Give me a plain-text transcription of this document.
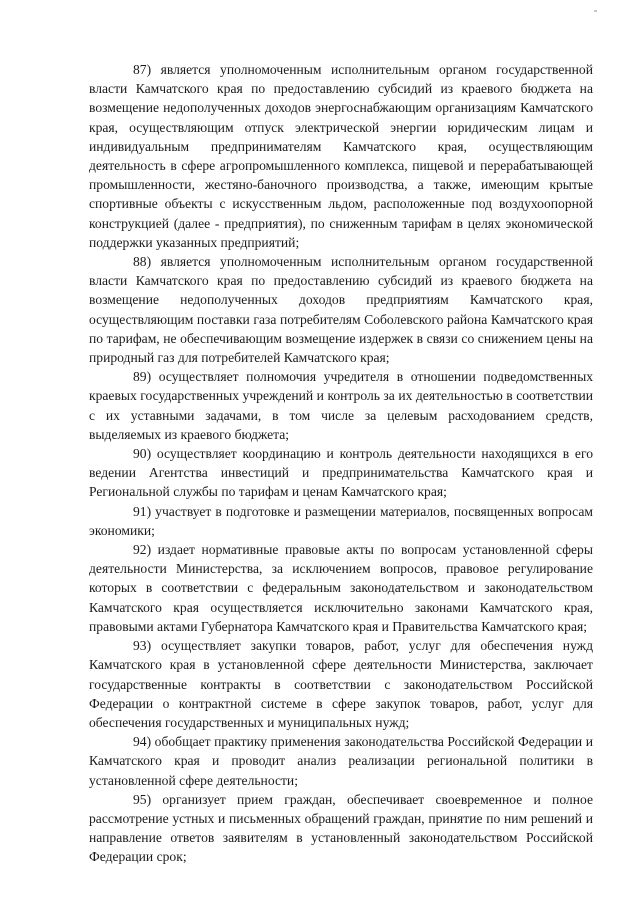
87) является уполномоченным исполнительным органом государственной власти Камчатского края по предоставлению субсидий из краевого бюджета на возмещение недополученных доходов энергоснабжающим организациям Камчатского края, осуществляющим отпуск электрической энергии юридическим лицам и индивидуальным предпринимателям Камчатского края, осуществляющим деятельность в сфере агропромышленного комплекса, пищевой и перерабатывающей промышленности, жестяно-баночного производства, а также, имеющим крытые спортивные объекты с искусственным льдом, расположенные под воздухоопорной конструкцией (далее - предприятия), по сниженным тарифам в целях экономической поддержки указанных предприятий;

88) является уполномоченным исполнительным органом государственной власти Камчатского края по предоставлению субсидий из краевого бюджета на возмещение недополученных доходов предприятиям Камчатского края, осуществляющим поставки газа потребителям Соболевского района Камчатского края по тарифам, не обеспечивающим возмещение издержек в связи со снижением цены на природный газ для потребителей Камчатского края;

89) осуществляет полномочия учредителя в отношении подведомственных краевых государственных учреждений и контроль за их деятельностью в соответствии с их уставными задачами, в том числе за целевым расходованием средств, выделяемых из краевого бюджета;

90) осуществляет координацию и контроль деятельности находящихся в его ведении Агентства инвестиций и предпринимательства Камчатского края и Региональной службы по тарифам и ценам Камчатского края;

91) участвует в подготовке и размещении материалов, посвященных вопросам экономики;

92) издает нормативные правовые акты по вопросам установленной сферы деятельности Министерства, за исключением вопросов, правовое регулирование которых в соответствии с федеральным законодательством и законодательством Камчатского края осуществляется исключительно законами Камчатского края, правовыми актами Губернатора Камчатского края и Правительства Камчатского края;

93) осуществляет закупки товаров, работ, услуг для обеспечения нужд Камчатского края в установленной сфере деятельности Министерства, заключает государственные контракты в соответствии с законодательством Российской Федерации о контрактной системе в сфере закупок товаров, работ, услуг для обеспечения государственных и муниципальных нужд;

94) обобщает практику применения законодательства Российской Федерации и Камчатского края и проводит анализ реализации региональной политики в установленной сфере деятельности;

95) организует прием граждан, обеспечивает своевременное и полное рассмотрение устных и письменных обращений граждан, принятие по ним решений и направление ответов заявителям в установленный законодательством Российской Федерации срок;
